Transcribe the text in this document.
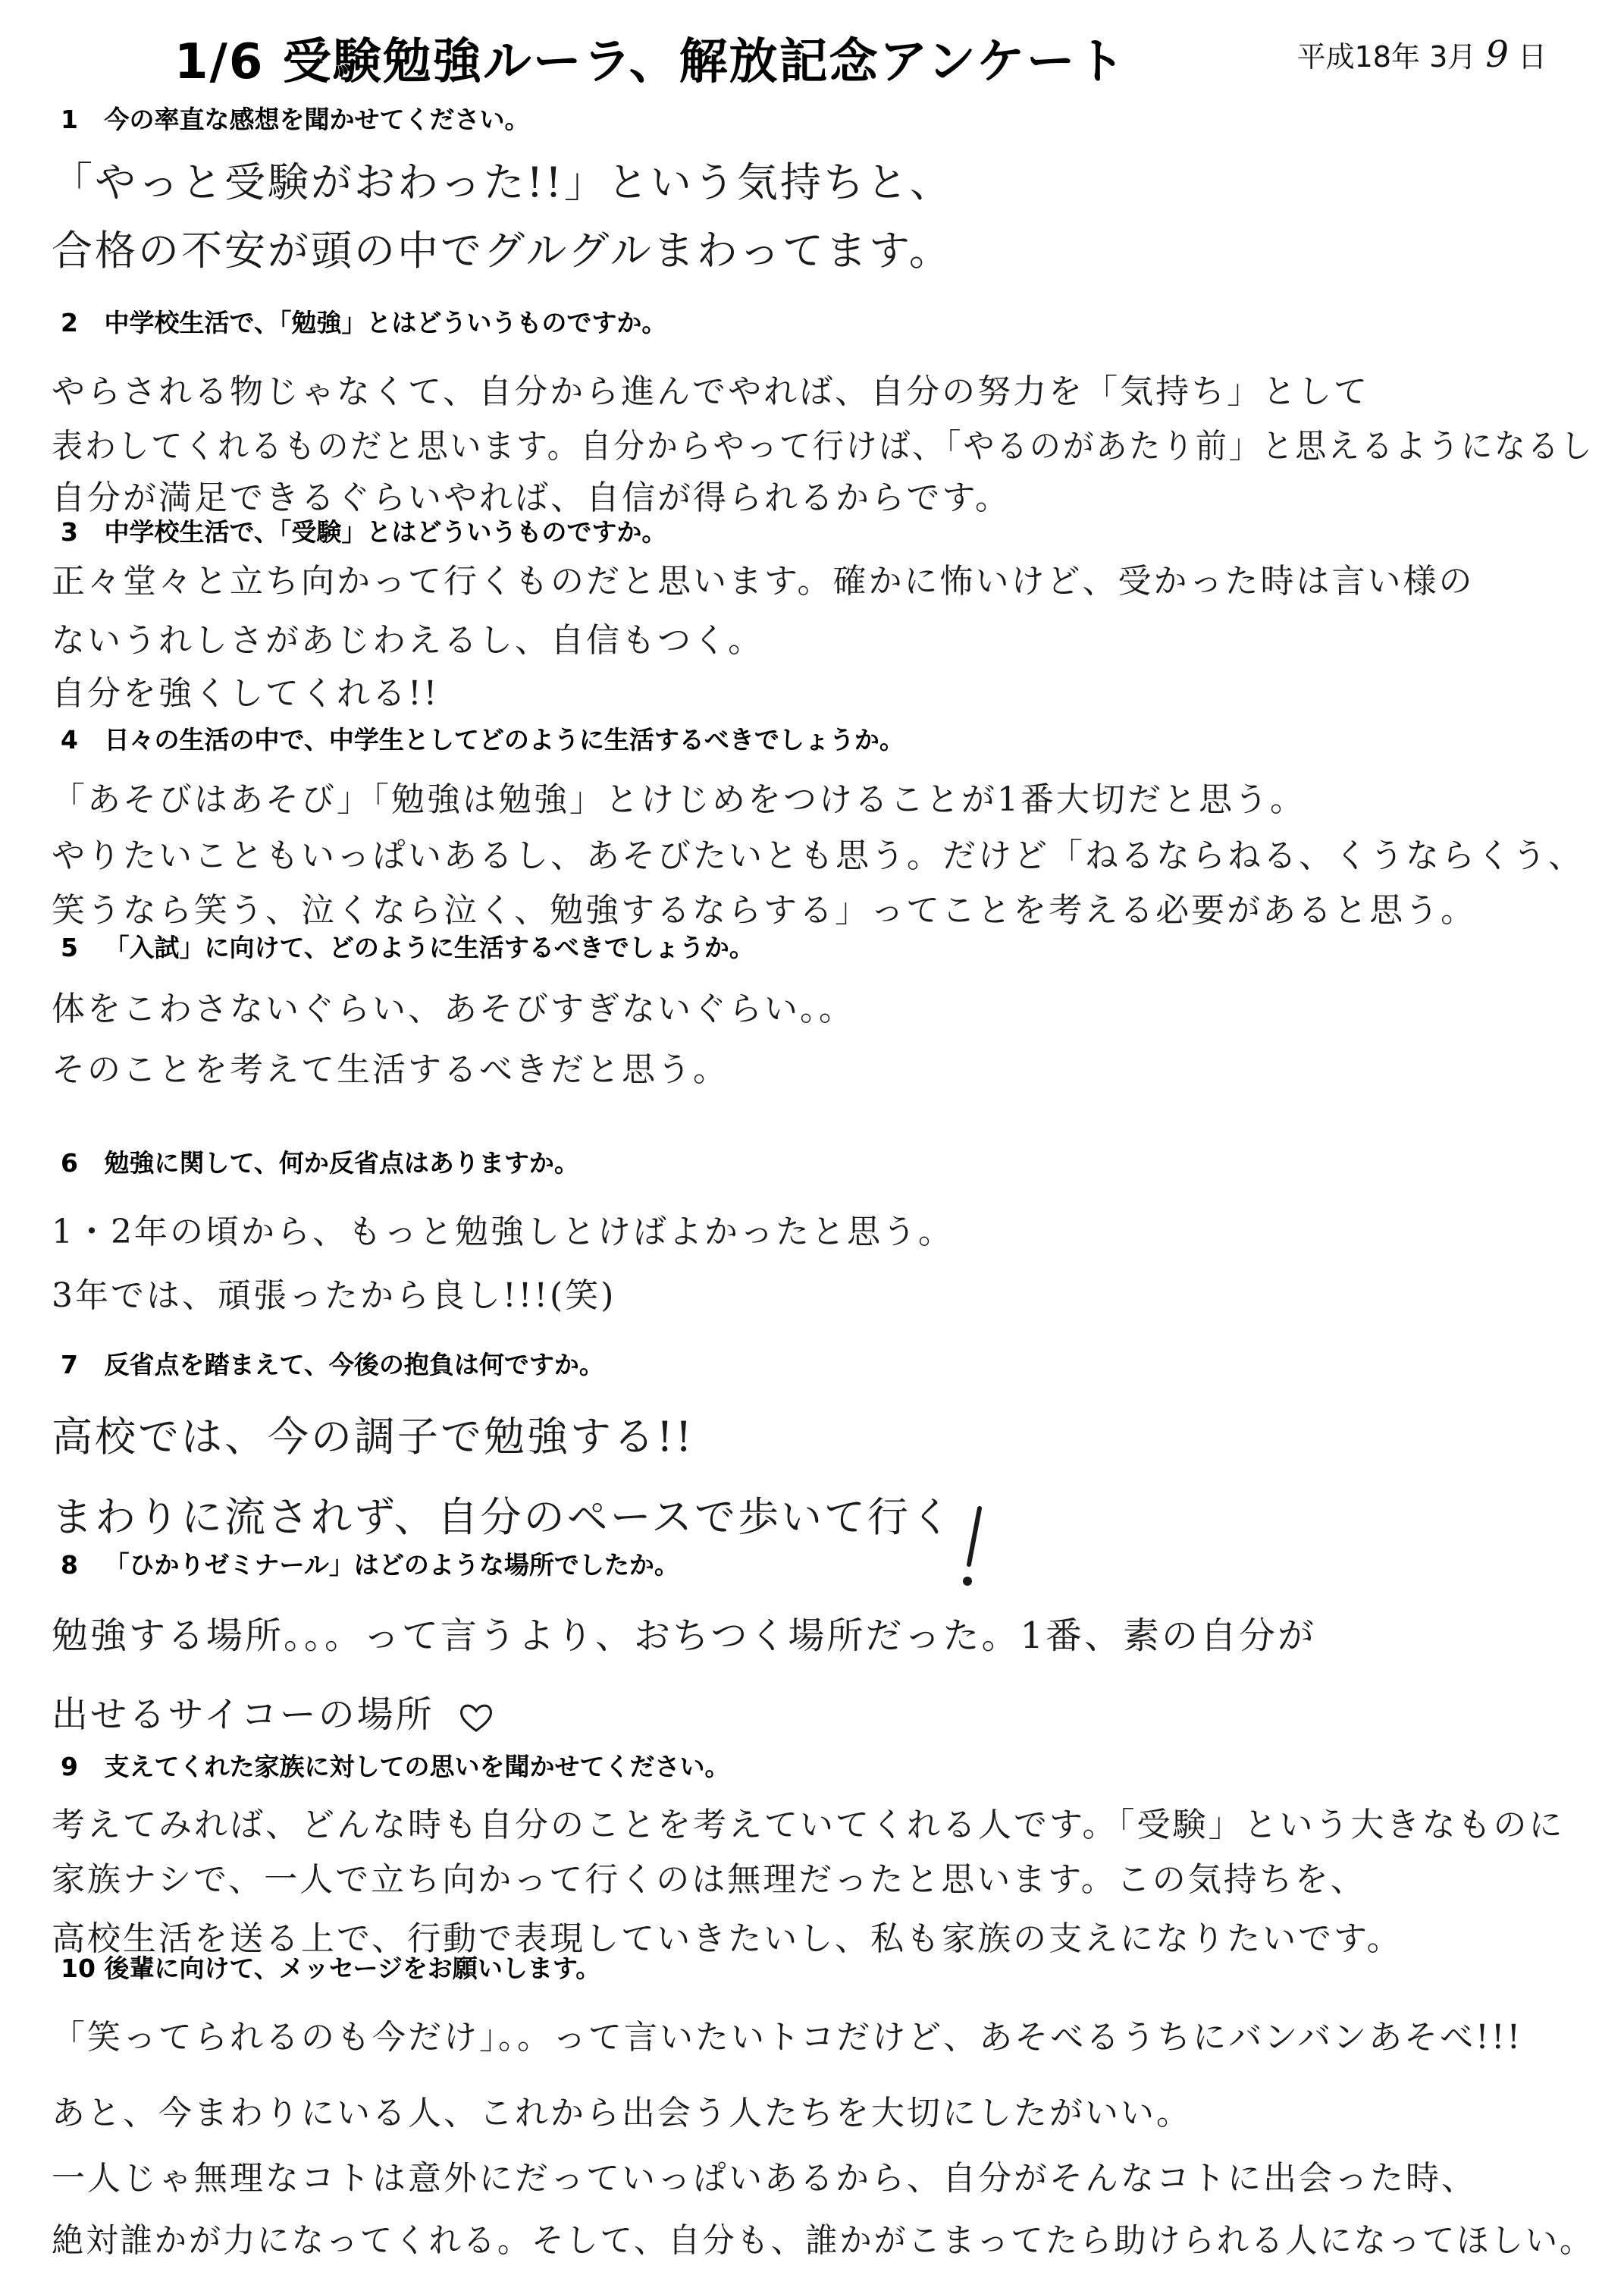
1/6 受験勉強ルーラ、解放記念アンケート	平成18年 3月 9 日
1 今の率直な感想を聞かせてください。
「やっと受験がおわった!!」という気持ちと、
合格の不安が頭の中でグルグルまわってます。
2 中学校生活で、「勉強」とはどういうものですか。
やらされる物じゃなくて、自分から進んでやれば、自分の努力を「気持ち」として
表わしてくれるものだと思います。自分からやって行けば、「やるのがあたり前」と思えるようになるし
自分が満足できるぐらいやれば、自信が得られるからです。
3 中学校生活で、「受験」とはどういうものですか。
正々堂々と立ち向かって行くものだと思います。確かに怖いけど、受かった時は言い様の
ないうれしさがあじわえるし、自信もつく。
自分を強くしてくれる!!
4 日々の生活の中で、中学生としてどのように生活するべきでしょうか。
「あそびはあそび」「勉強は勉強」とけじめをつけることが1番大切だと思う。
やりたいこともいっぱいあるし、あそびたいとも思う。だけど「ねるならねる、くうならくう、
笑うなら笑う、泣くなら泣く、勉強するならする」ってことを考える必要があると思う。
5 「入試」に向けて、どのように生活するべきでしょうか。
体をこわさないぐらい、あそびすぎないぐらい。。
そのことを考えて生活するべきだと思う。
6 勉強に関して、何か反省点はありますか。
1・2年の頃から、もっと勉強しとけばよかったと思う。
3年では、頑張ったから良し!!!(笑)
7 反省点を踏まえて、今後の抱負は何ですか。
高校では、今の調子で勉強する!!
まわりに流されず、自分のペースで歩いて行く
8 「ひかりゼミナール」はどのような場所でしたか。
勉強する場所。。。って言うより、おちつく場所だった。1番、素の自分が
出せるサイコーの場所
9 支えてくれた家族に対しての思いを聞かせてください。
考えてみれば、どんな時も自分のことを考えていてくれる人です。「受験」という大きなものに
家族ナシで、一人で立ち向かって行くのは無理だったと思います。この気持ちを、
高校生活を送る上で、行動で表現していきたいし、私も家族の支えになりたいです。
10 後輩に向けて、メッセージをお願いします。
「笑ってられるのも今だけ」。。って言いたいトコだけど、あそべるうちにバンバンあそべ!!!
あと、今まわりにいる人、これから出会う人たちを大切にしたがいい。
一人じゃ無理なコトは意外にだっていっぱいあるから、自分がそんなコトに出会った時、
絶対誰かが力になってくれる。そして、自分も、誰かがこまってたら助けられる人になってほしい。
